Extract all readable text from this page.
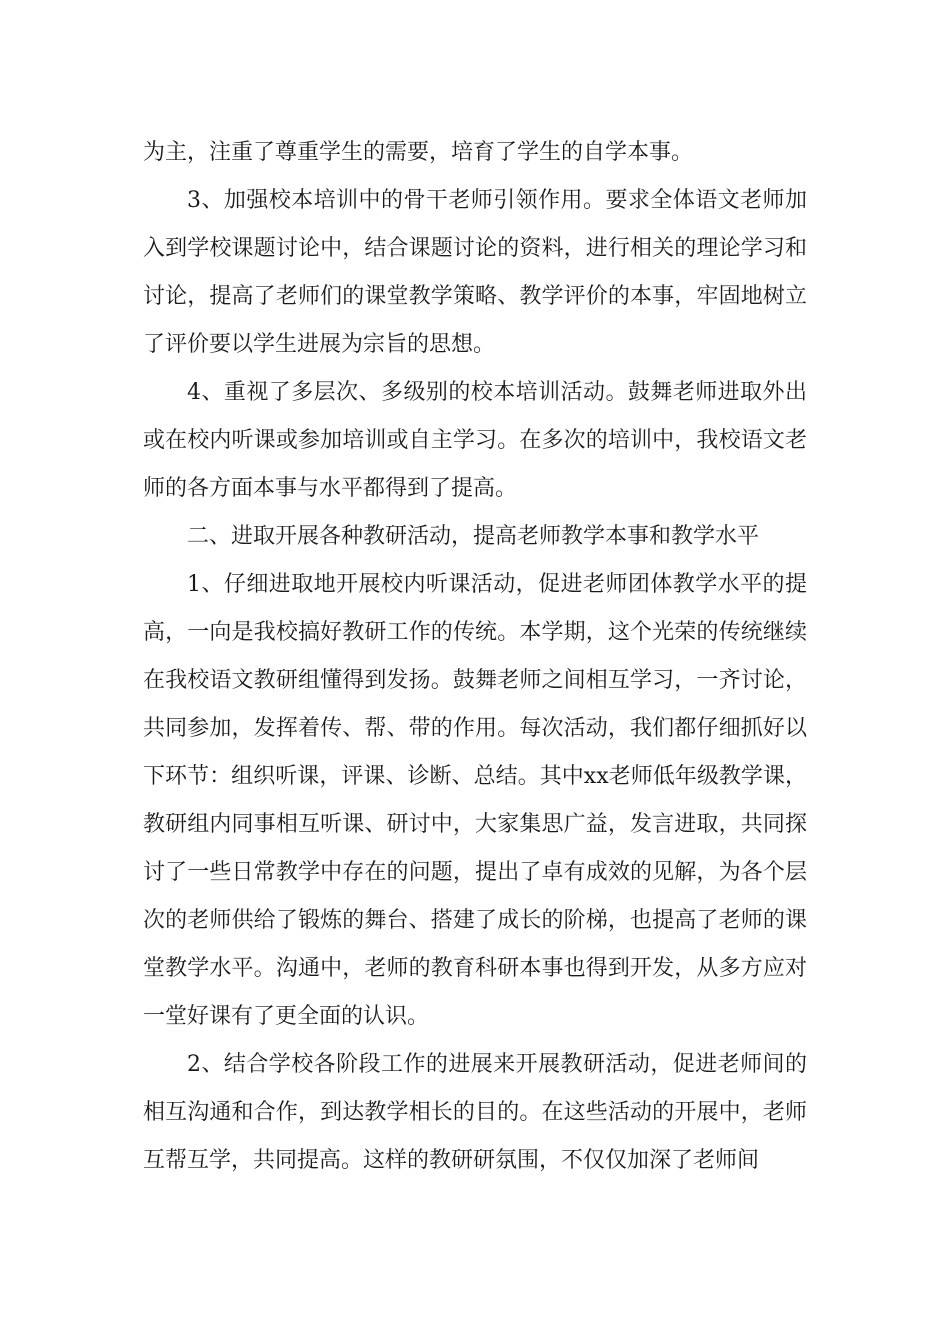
为主，注重了尊重学生的需要，培育了学生的自学本事。

3、加强校本培训中的骨干老师引领作用。要求全体语文老师加入到学校课题讨论中，结合课题讨论的资料，进行相关的理论学习和讨论，提高了老师们的课堂教学策略、教学评价的本事，牢固地树立了评价要以学生进展为宗旨的思想。

4、重视了多层次、多级别的校本培训活动。鼓舞老师进取外出或在校内听课或参加培训或自主学习。在多次的培训中，我校语文老师的各方面本事与水平都得到了提高。

二、进取开展各种教研活动，提高老师教学本事和教学水平

1、仔细进取地开展校内听课活动，促进老师团体教学水平的提高，一向是我校搞好教研工作的传统。本学期，这个光荣的传统继续在我校语文教研组懂得到发扬。鼓舞老师之间相互学习，一齐讨论，共同参加，发挥着传、帮、带的作用。每次活动，我们都仔细抓好以下环节：组织听课，评课、诊断、总结。其中xx老师低年级教学课，教研组内同事相互听课、研讨中，大家集思广益，发言进取，共同探讨了一些日常教学中存在的问题，提出了卓有成效的见解，为各个层次的老师供给了锻炼的舞台、搭建了成长的阶梯，也提高了老师的课堂教学水平。沟通中，老师的教育科研本事也得到开发，从多方应对一堂好课有了更全面的认识。

2、结合学校各阶段工作的进展来开展教研活动，促进老师间的相互沟通和合作，到达教学相长的目的。在这些活动的开展中，老师互帮互学，共同提高。这样的教研研氛围，不仅仅加深了老师间
